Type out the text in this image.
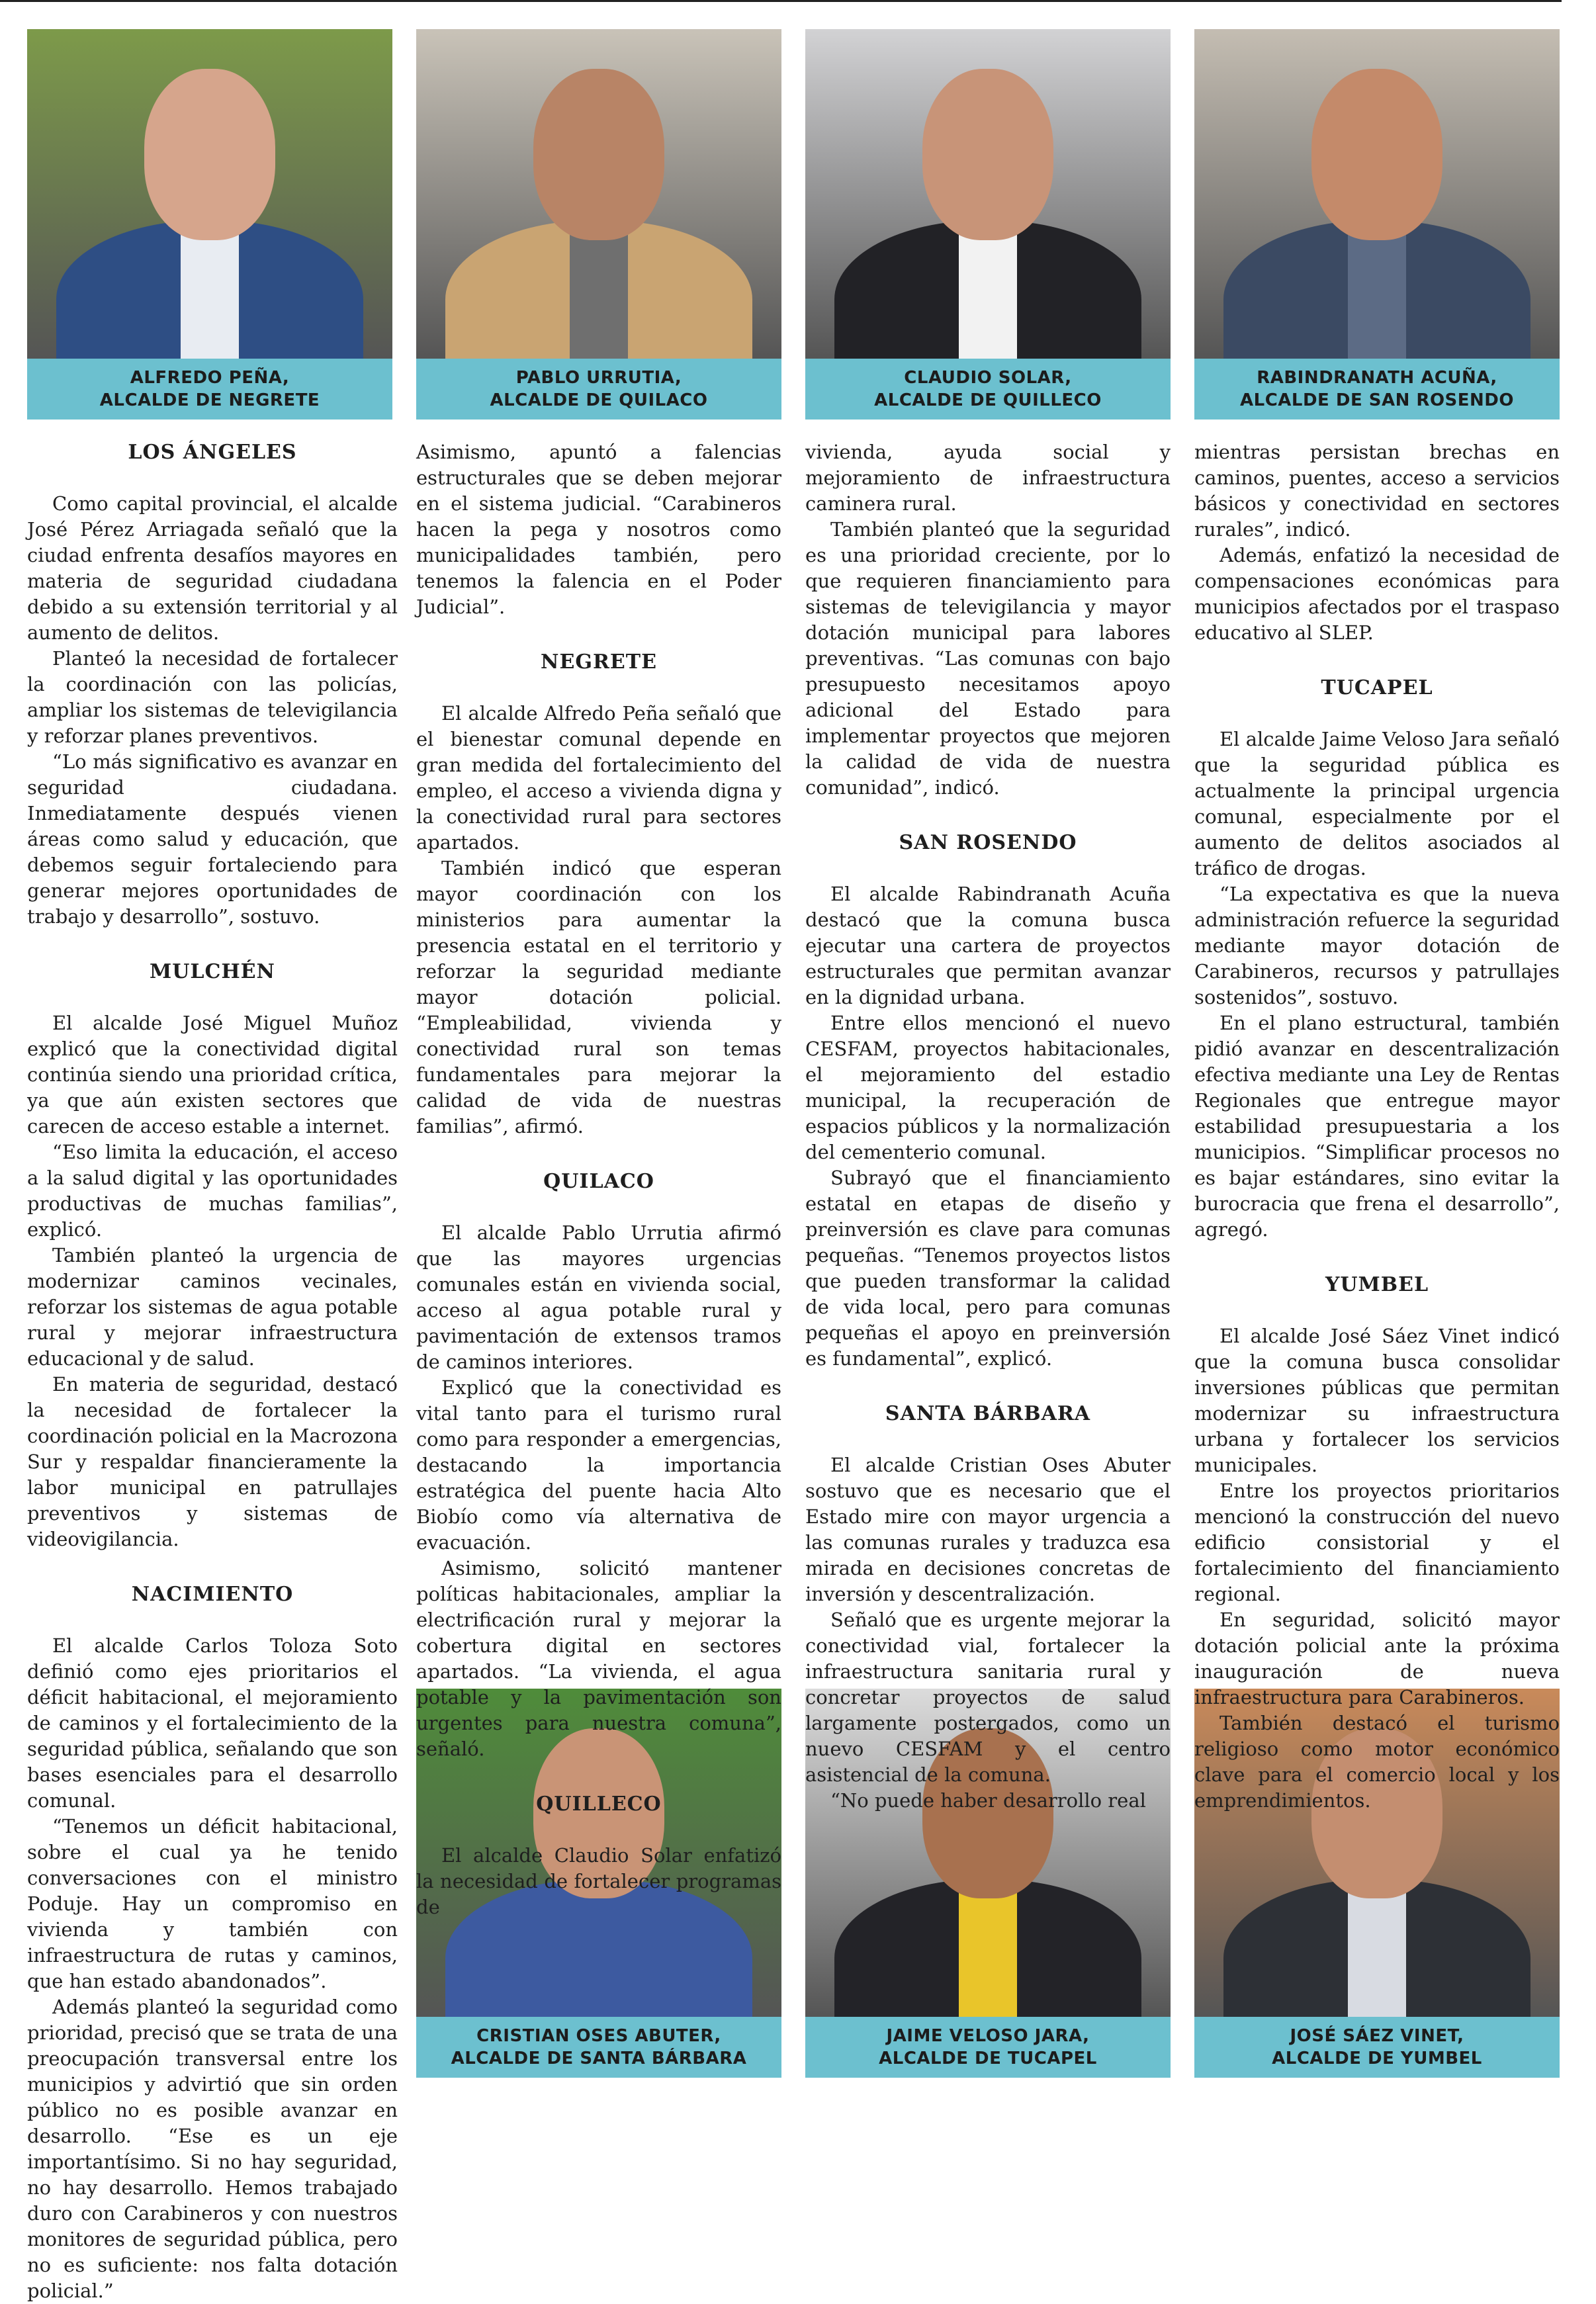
ALFREDO PEÑA,
ALCALDE DE NEGRETE
PABLO URRUTIA,
ALCALDE DE QUILACO
CLAUDIO SOLAR,
ALCALDE DE QUILLECO
RABINDRANATH ACUÑA,
ALCALDE DE SAN ROSENDO
CRISTIAN OSES ABUTER,
ALCALDE DE SANTA BÁRBARA
JAIME VELOSO JARA,
ALCALDE DE TUCAPEL
JOSÉ SÁEZ VINET,
ALCALDE DE YUMBEL
LOS ÁNGELES

Como capital provincial, el alcalde José Pérez Arriagada señaló que la ciudad enfrenta desafíos mayores en materia de seguridad ciudadana debido a su extensión territorial y al aumento de delitos.

Planteó la necesidad de fortalecer la coordinación con las policías, ampliar los sistemas de televigilancia y reforzar planes preventivos.

“Lo más significativo es avanzar en seguridad ciudadana. Inmediatamente después vienen áreas como salud y educación, que debemos seguir fortaleciendo para generar mejores oportunidades de trabajo y desarrollo”, sostuvo.

MULCHÉN

El alcalde José Miguel Muñoz explicó que la conectividad digital continúa siendo una prioridad crítica, ya que aún existen sectores que carecen de acceso estable a internet.

“Eso limita la educación, el acceso a la salud digital y las oportunidades productivas de muchas familias”, explicó.

También planteó la urgencia de modernizar caminos vecinales, reforzar los sistemas de agua potable rural y mejorar infraestructura educacional y de salud.

En materia de seguridad, destacó la necesidad de fortalecer la coordinación policial en la Macrozona Sur y respaldar financieramente la labor municipal en patrullajes preventivos y sistemas de videovigilancia.

NACIMIENTO

El alcalde Carlos Toloza Soto definió como ejes prioritarios el déficit habitacional, el mejoramiento de caminos y el fortalecimiento de la seguridad pública, señalando que son bases esenciales para el desarrollo comunal.

“Tenemos un déficit habitacional, sobre el cual ya he tenido conversaciones con el ministro Poduje. Hay un compromiso en vivienda y también con infraestructura de rutas y caminos, que han estado abandonados”.

Además planteó la seguridad como prioridad, precisó que se trata de una preocupación transversal entre los municipios y advirtió que sin orden público no es posible avanzar en desarrollo. “Ese es un eje importantísimo. Si no hay seguridad, no hay desarrollo. Hemos trabajado duro con Carabineros y con nuestros monitores de seguridad pública, pero no es suficiente: nos falta dotación policial.”

Asimismo, apuntó a falencias estructurales que se deben mejorar en el sistema judicial. “Carabineros hacen la pega y nosotros como municipalidades también, pero tenemos la falencia en el Poder Judicial”.

NEGRETE

El alcalde Alfredo Peña señaló que el bienestar comunal depende en gran medida del fortalecimiento del empleo, el acceso a vivienda digna y la conectividad rural para sectores apartados.

También indicó que esperan mayor coordinación con los ministerios para aumentar la presencia estatal en el territorio y reforzar la seguridad mediante mayor dotación policial. “Empleabilidad, vivienda y conectividad rural son temas fundamentales para mejorar la calidad de vida de nuestras familias”, afirmó.

QUILACO

El alcalde Pablo Urrutia afirmó que las mayores urgencias comunales están en vivienda social, acceso al agua potable rural y pavimentación de extensos tramos de caminos interiores.

Explicó que la conectividad es vital tanto para el turismo rural como para responder a emergencias, destacando la importancia estratégica del puente hacia Alto Biobío como vía alternativa de evacuación.

Asimismo, solicitó mantener políticas habitacionales, ampliar la electrificación rural y mejorar la cobertura digital en sectores apartados. “La vivienda, el agua potable y la pavimentación son urgentes para nuestra comuna”, señaló.

QUILLECO

El alcalde Claudio Solar enfatizó la necesidad de fortalecer programas de

vivienda, ayuda social y mejoramiento de infraestructura caminera rural.

También planteó que la seguridad es una prioridad creciente, por lo que requieren financiamiento para sistemas de televigilancia y mayor dotación municipal para labores preventivas. “Las comunas con bajo presupuesto necesitamos apoyo adicional del Estado para implementar proyectos que mejoren la calidad de vida de nuestra comunidad”, indicó.

SAN ROSENDO

El alcalde Rabindranath Acuña destacó que la comuna busca ejecutar una cartera de proyectos estructurales que permitan avanzar en la dignidad urbana.

Entre ellos mencionó el nuevo CESFAM, proyectos habitacionales, el mejoramiento del estadio municipal, la recuperación de espacios públicos y la normalización del cementerio comunal.

Subrayó que el financiamiento estatal en etapas de diseño y preinversión es clave para comunas pequeñas. “Tenemos proyectos listos que pueden transformar la calidad de vida local, pero para comunas pequeñas el apoyo en preinversión es fundamental”, explicó.

SANTA BÁRBARA

El alcalde Cristian Oses Abuter sostuvo que es necesario que el Estado mire con mayor urgencia a las comunas rurales y traduzca esa mirada en decisiones concretas de inversión y descentralización.

Señaló que es urgente mejorar la conectividad vial, fortalecer la infraestructura sanitaria rural y concretar proyectos de salud largamente postergados, como un nuevo CESFAM y el centro asistencial de la comuna.

“No puede haber desarrollo real

mientras persistan brechas en caminos, puentes, acceso a servicios básicos y conectividad en sectores rurales”, indicó.

Además, enfatizó la necesidad de compensaciones económicas para municipios afectados por el traspaso educativo al SLEP.

TUCAPEL

El alcalde Jaime Veloso Jara señaló que la seguridad pública es actualmente la principal urgencia comunal, especialmente por el aumento de delitos asociados al tráfico de drogas.

“La expectativa es que la nueva administración refuerce la seguridad mediante mayor dotación de Carabineros, recursos y patrullajes sostenidos”, sostuvo.

En el plano estructural, también pidió avanzar en descentralización efectiva mediante una Ley de Rentas Regionales que entregue mayor estabilidad presupuestaria a los municipios. “Simplificar procesos no es bajar estándares, sino evitar la burocracia que frena el desarrollo”, agregó.

YUMBEL

El alcalde José Sáez Vinet indicó que la comuna busca consolidar inversiones públicas que permitan modernizar su infraestructura urbana y fortalecer los servicios municipales.

Entre los proyectos prioritarios mencionó la construcción del nuevo edificio consistorial y el fortalecimiento del financiamiento regional.

En seguridad, solicitó mayor dotación policial ante la próxima inauguración de nueva infraestructura para Carabineros.

También destacó el turismo religioso como motor económico clave para el comercio local y los emprendimientos.
